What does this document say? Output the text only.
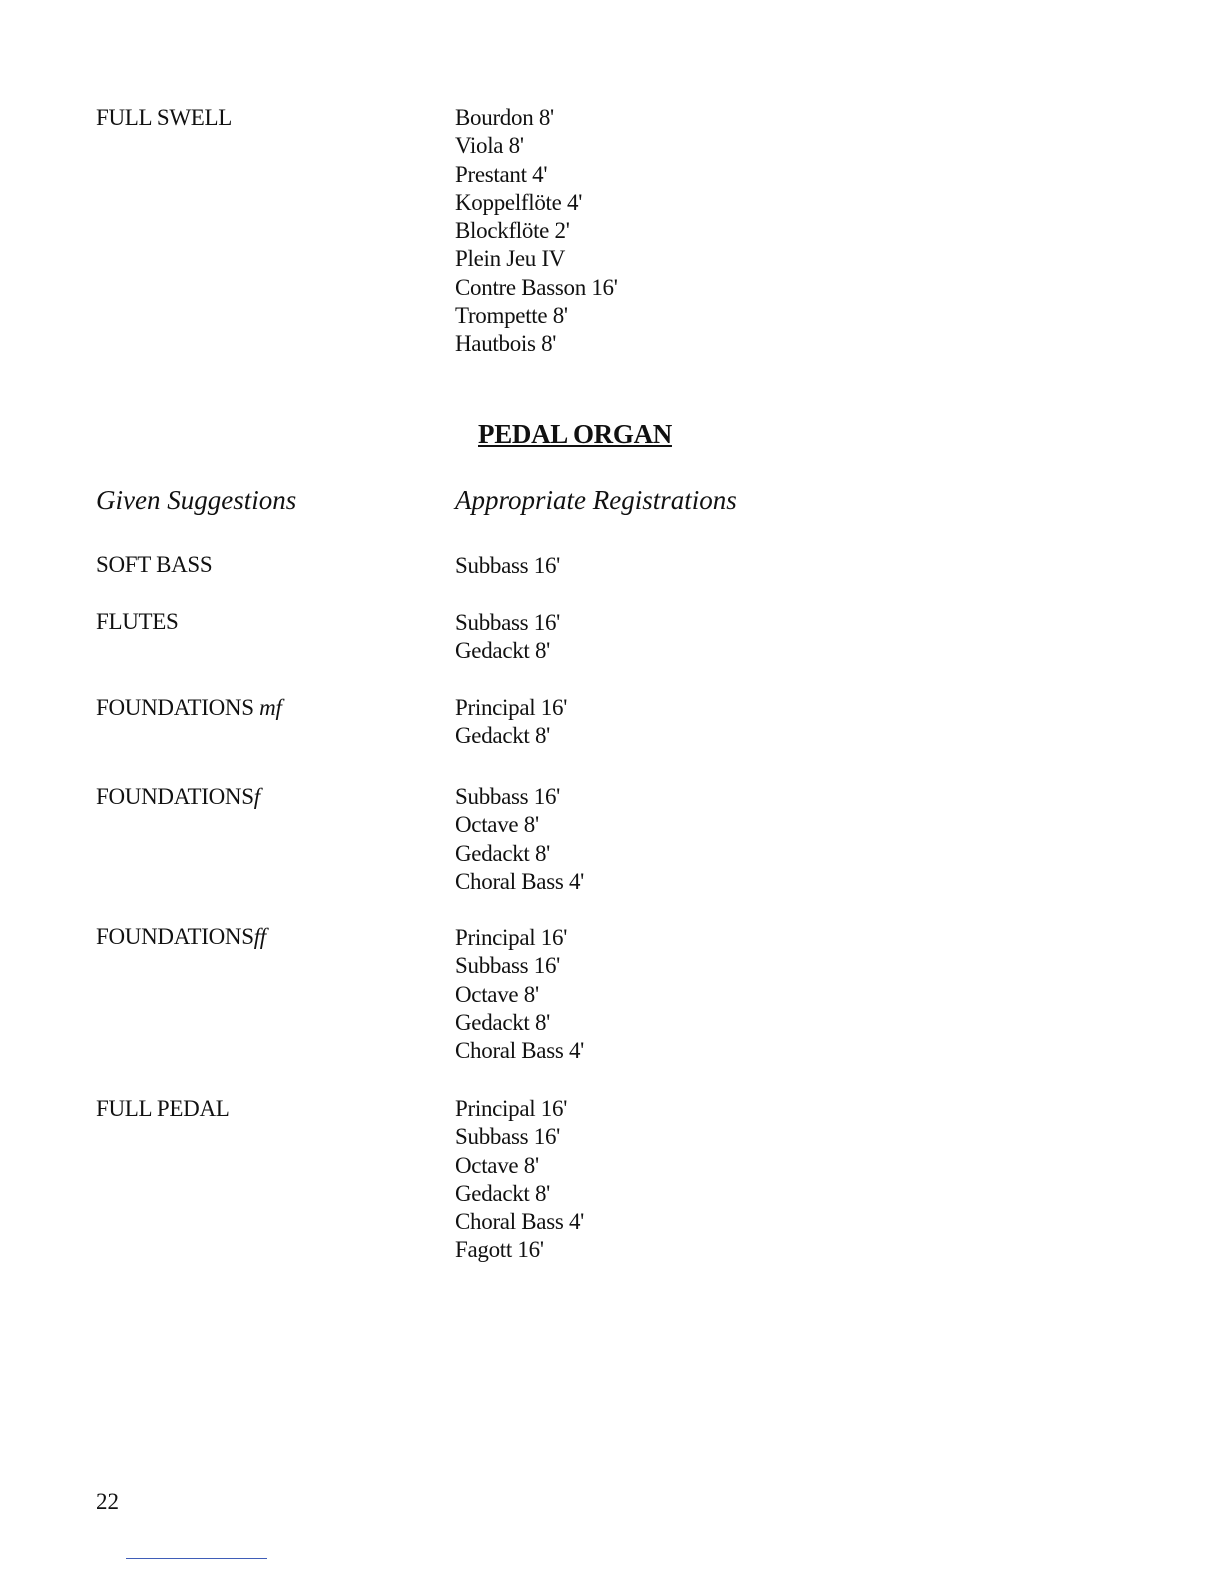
FULL SWELL	Bourdon 8'
Viola 8'
Prestant 4'
Koppelflöte 4'
Blockflöte 2'
Plein Jeu IV
Contre Basson 16'
Trompette 8'
Hautbois 8'
PEDAL ORGAN
Given Suggestions	Appropriate Registrations
SOFT BASS	Subbass 16'
FLUTES	Subbass 16'
Gedackt 8'
FOUNDATIONS mf	Principal 16'
Gedackt 8'
FOUNDATIONSf	Subbass 16'
Octave 8'
Gedackt 8'
Choral Bass 4'
FOUNDATIONSff	Principal 16'
Subbass 16'
Octave 8'
Gedackt 8'
Choral Bass 4'
FULL PEDAL	Principal 16'
Subbass 16'
Octave 8'
Gedackt 8'
Choral Bass 4'
Fagott 16'
22
